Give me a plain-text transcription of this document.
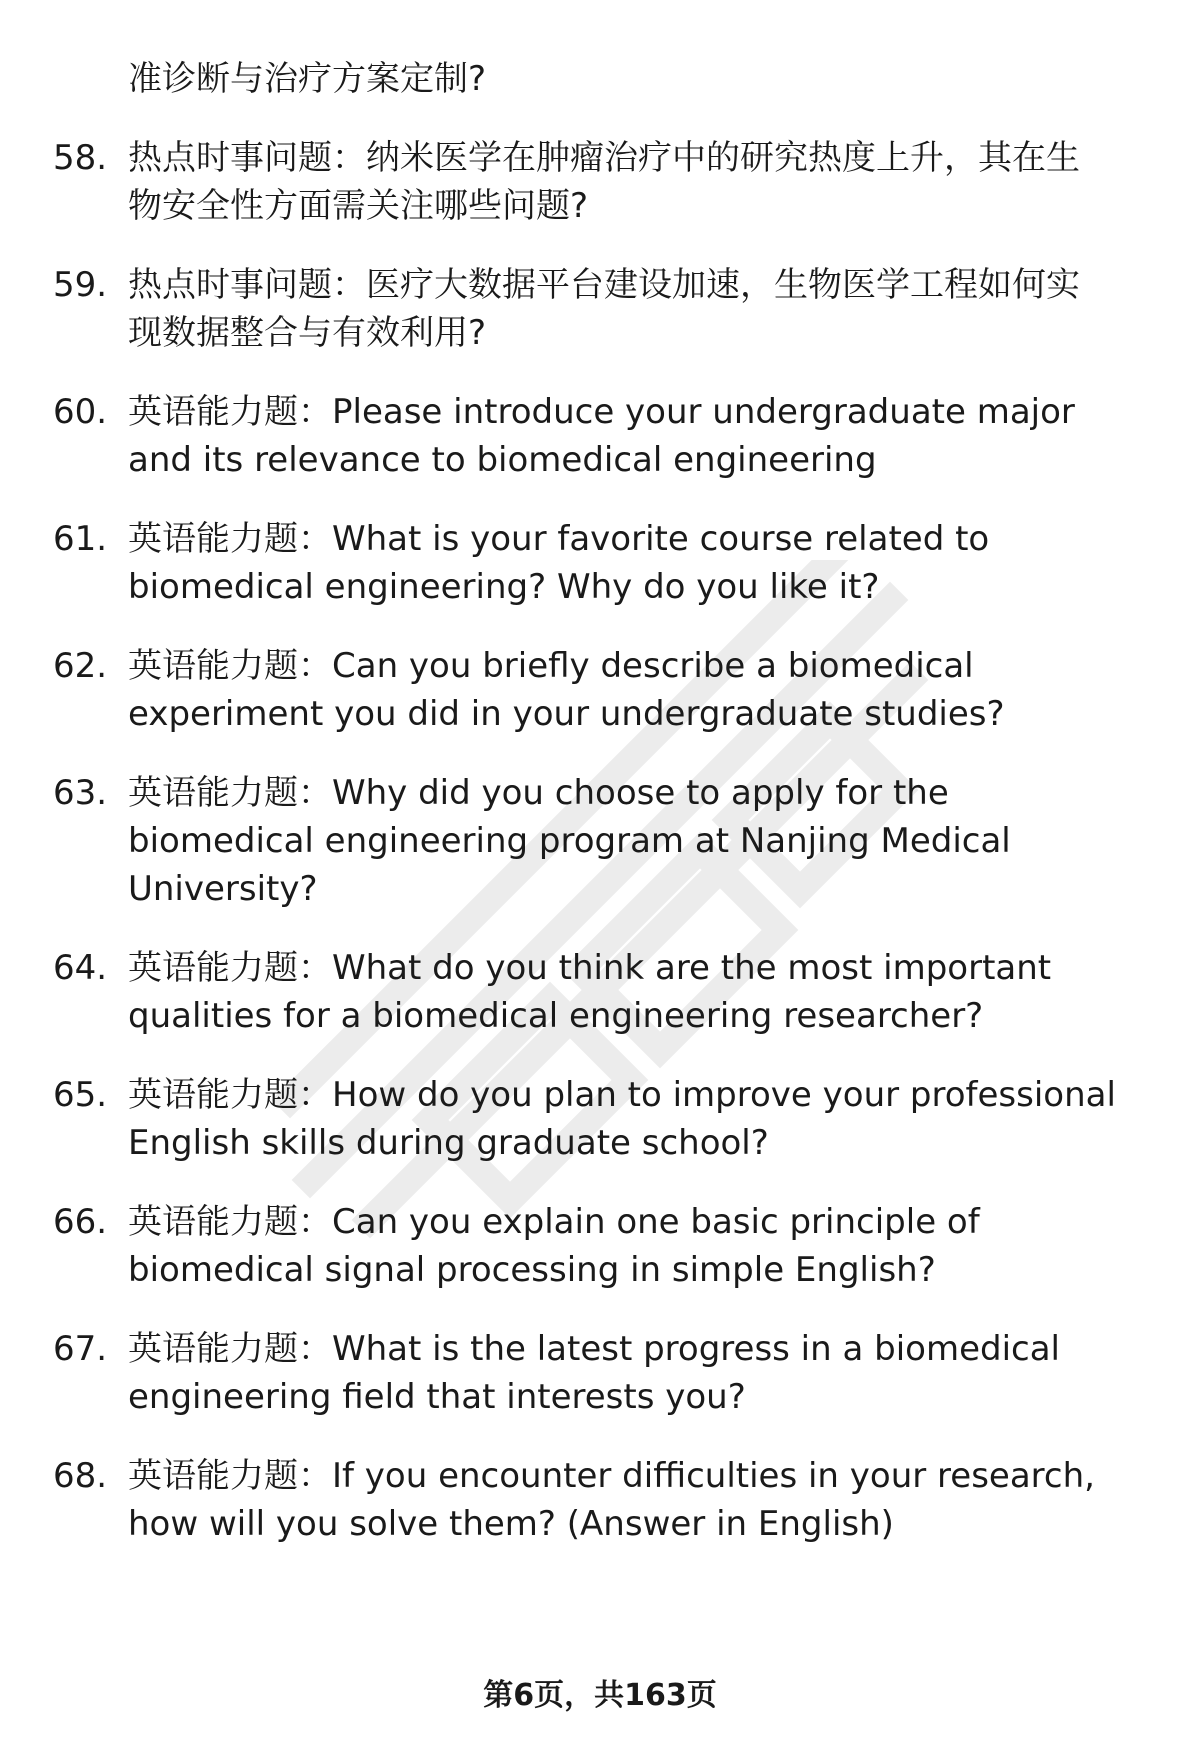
准诊断与治疗方案定制?
58. 热点时事问题：纳米医学在肿瘤治疗中的研究热度上升，其在生
物安全性方面需关注哪些问题?
59. 热点时事问题：医疗大数据平台建设加速，生物医学工程如何实
现数据整合与有效利用?
60. 英语能力题：Please introduce your undergraduate major
and its relevance to biomedical engineering
61. 英语能力题：What is your favorite course related to
biomedical engineering? Why do you like it?
62. 英语能力题：Can you briefly describe a biomedical
experiment you did in your undergraduate studies?
63. 英语能力题：Why did you choose to apply for the
biomedical engineering program at Nanjing Medical
University?
64. 英语能力题：What do you think are the most important
qualities for a biomedical engineering researcher?
65. 英语能力题：How do you plan to improve your professional
English skills during graduate school?
66. 英语能力题：Can you explain one basic principle of
biomedical signal processing in simple English?
67. 英语能力题：What is the latest progress in a biomedical
engineering field that interests you?
68. 英语能力题：If you encounter difficulties in your research,
how will you solve them? (Answer in English)
第6页，共163页
